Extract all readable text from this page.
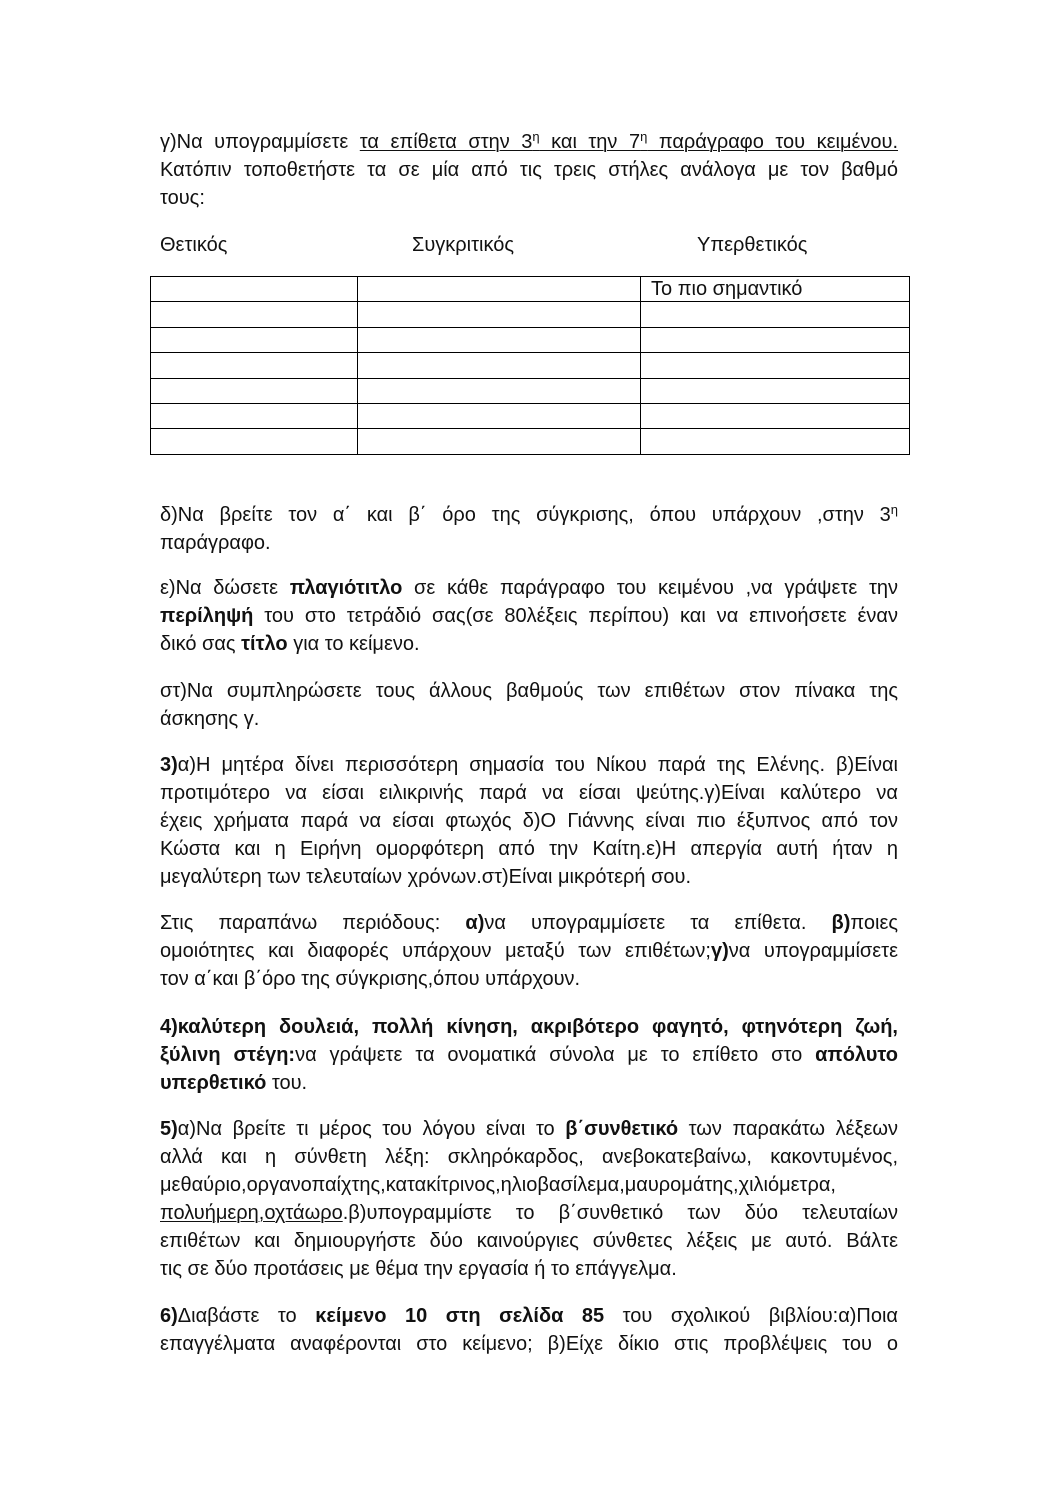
γ)Να υπογραμμίσετε τα επίθετα στην $3^\eta$ και την $7^\eta$ παράγραφο του κειμένου.
Κατόπιν τοποθετήστε τα σε μία από τις τρεις στήλες ανάλογα με τον βαθμό
τους:
Θετικός	Συγκριτικός	Υπερθετικός
		Το πιο σημαντικό

δ)Να βρείτε τον α΄ και β΄ όρο της σύγκρισης, όπου υπάρχουν ,στην $3^\eta$
παράγραφο.
ε)Να δώσετε πλαγιότιτλο σε κάθε παράγραφο του κειμένου ,να γράψετε την
περίληψή του στο τετράδιό σας(σε 80λέξεις περίπου) και να επινοήσετε έναν
δικό σας τίτλο για το κείμενο.
στ)Να συμπληρώσετε τους άλλους βαθμούς των επιθέτων στον πίνακα της
άσκησης γ.
3)α)Η μητέρα δίνει περισσότερη σημασία του Νίκου παρά της Ελένης. β)Είναι
προτιμότερο να είσαι ειλικρινής παρά να είσαι ψεύτης.γ)Είναι καλύτερο να
έχεις χρήματα παρά να είσαι φτωχός δ)Ο Γιάννης είναι πιο έξυπνος από τον
Κώστα και η Ειρήνη ομορφότερη από την Καίτη.ε)Η απεργία αυτή ήταν η
μεγαλύτερη των τελευταίων χρόνων.στ)Είναι μικρότερή σου.
Στις παραπάνω περιόδους: α)να υπογραμμίσετε τα επίθετα. β)ποιες
ομοιότητες και διαφορές υπάρχουν μεταξύ των επιθέτων;γ)να υπογραμμίσετε
τον α΄και β΄όρο της σύγκρισης,όπου υπάρχουν.
4)καλύτερη δουλειά, πολλή κίνηση, ακριβότερο φαγητό, φτηνότερη ζωή,
ξύλινη στέγη:να γράψετε τα ονοματικά σύνολα με το επίθετο στο απόλυτο
υπερθετικό του.
5)α)Να βρείτε τι μέρος του λόγου είναι το β΄συνθετικό των παρακάτω λέξεων
αλλά και η σύνθετη λέξη: σκληρόκαρδος, ανεβοκατεβαίνω, κακοντυμένος,
μεθαύριο,οργανοπαίχτης,κατακίτρινος,ηλιοβασίλεμα,μαυρομάτης,χιλιόμετρα,
πολυήμερη,οχτάωρο.β)υπογραμμίστε το β΄συνθετικό των δύο τελευταίων
επιθέτων και δημιουργήστε δύο καινούργιες σύνθετες λέξεις με αυτό. Βάλτε
τις σε δύο προτάσεις με θέμα την εργασία ή το επάγγελμα.
6)Διαβάστε το κείμενο 10 στη σελίδα 85 του σχολικού βιβλίου:α)Ποια
επαγγέλματα αναφέρονται στο κείμενο; β)Είχε δίκιο στις προβλέψεις του ο
